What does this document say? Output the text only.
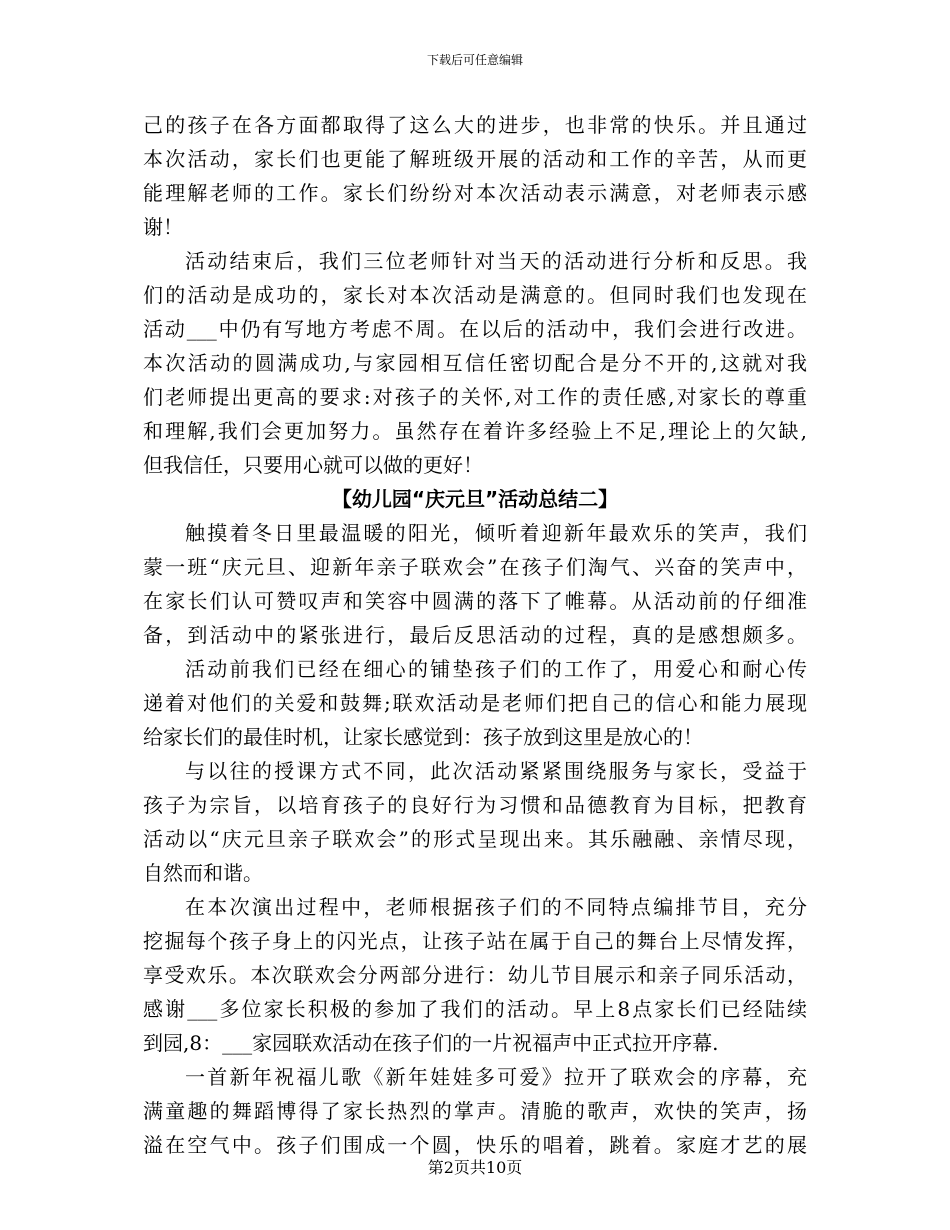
下载后可任意编辑
己的孩子在各方面都取得了这么大的进步，也非常的快乐。并且通过
本次活动，家长们也更能了解班级开展的活动和工作的辛苦，从而更
能理解老师的工作。家长们纷纷对本次活动表示满意，对老师表示感
谢！
活动结束后，我们三位老师针对当天的活动进行分析和反思。我
们的活动是成功的，家长对本次活动是满意的。但同时我们也发现在
活动___中仍有写地方考虑不周。在以后的活动中，我们会进行改进。
本次活动的圆满成功,与家园相互信任密切配合是分不开的,这就对我
们老师提出更高的要求:对孩子的关怀,对工作的责任感,对家长的尊重
和理解,我们会更加努力。虽然存在着许多经验上不足,理论上的欠缺,
但我信任，只要用心就可以做的更好！
【幼儿园“庆元旦”活动总结二】
触摸着冬日里最温暖的阳光，倾听着迎新年最欢乐的笑声，我们
蒙一班“庆元旦、迎新年亲子联欢会”在孩子们淘气、兴奋的笑声中，
在家长们认可赞叹声和笑容中圆满的落下了帷幕。从活动前的仔细准
备，到活动中的紧张进行，最后反思活动的过程，真的是感想颇多。
活动前我们已经在细心的铺垫孩子们的工作了，用爱心和耐心传
递着对他们的关爱和鼓舞;联欢活动是老师们把自己的信心和能力展现
给家长们的最佳时机，让家长感觉到：孩子放到这里是放心的！
与以往的授课方式不同，此次活动紧紧围绕服务与家长，受益于
孩子为宗旨，以培育孩子的良好行为习惯和品德教育为目标，把教育
活动以“庆元旦亲子联欢会”的形式呈现出来。其乐融融、亲情尽现，
自然而和谐。
在本次演出过程中，老师根据孩子们的不同特点编排节目，充分
挖掘每个孩子身上的闪光点，让孩子站在属于自己的舞台上尽情发挥，
享受欢乐。本次联欢会分两部分进行：幼儿节目展示和亲子同乐活动，
感谢___多位家长积极的参加了我们的活动。早上8点家长们已经陆续
到园,8：___家园联欢活动在孩子们的一片祝福声中正式拉开序幕.
一首新年祝福儿歌《新年娃娃多可爱》拉开了联欢会的序幕，充
满童趣的舞蹈博得了家长热烈的掌声。清脆的歌声，欢快的笑声，扬
溢在空气中。孩子们围成一个圆，快乐的唱着，跳着。家庭才艺的展
第2页共10页
